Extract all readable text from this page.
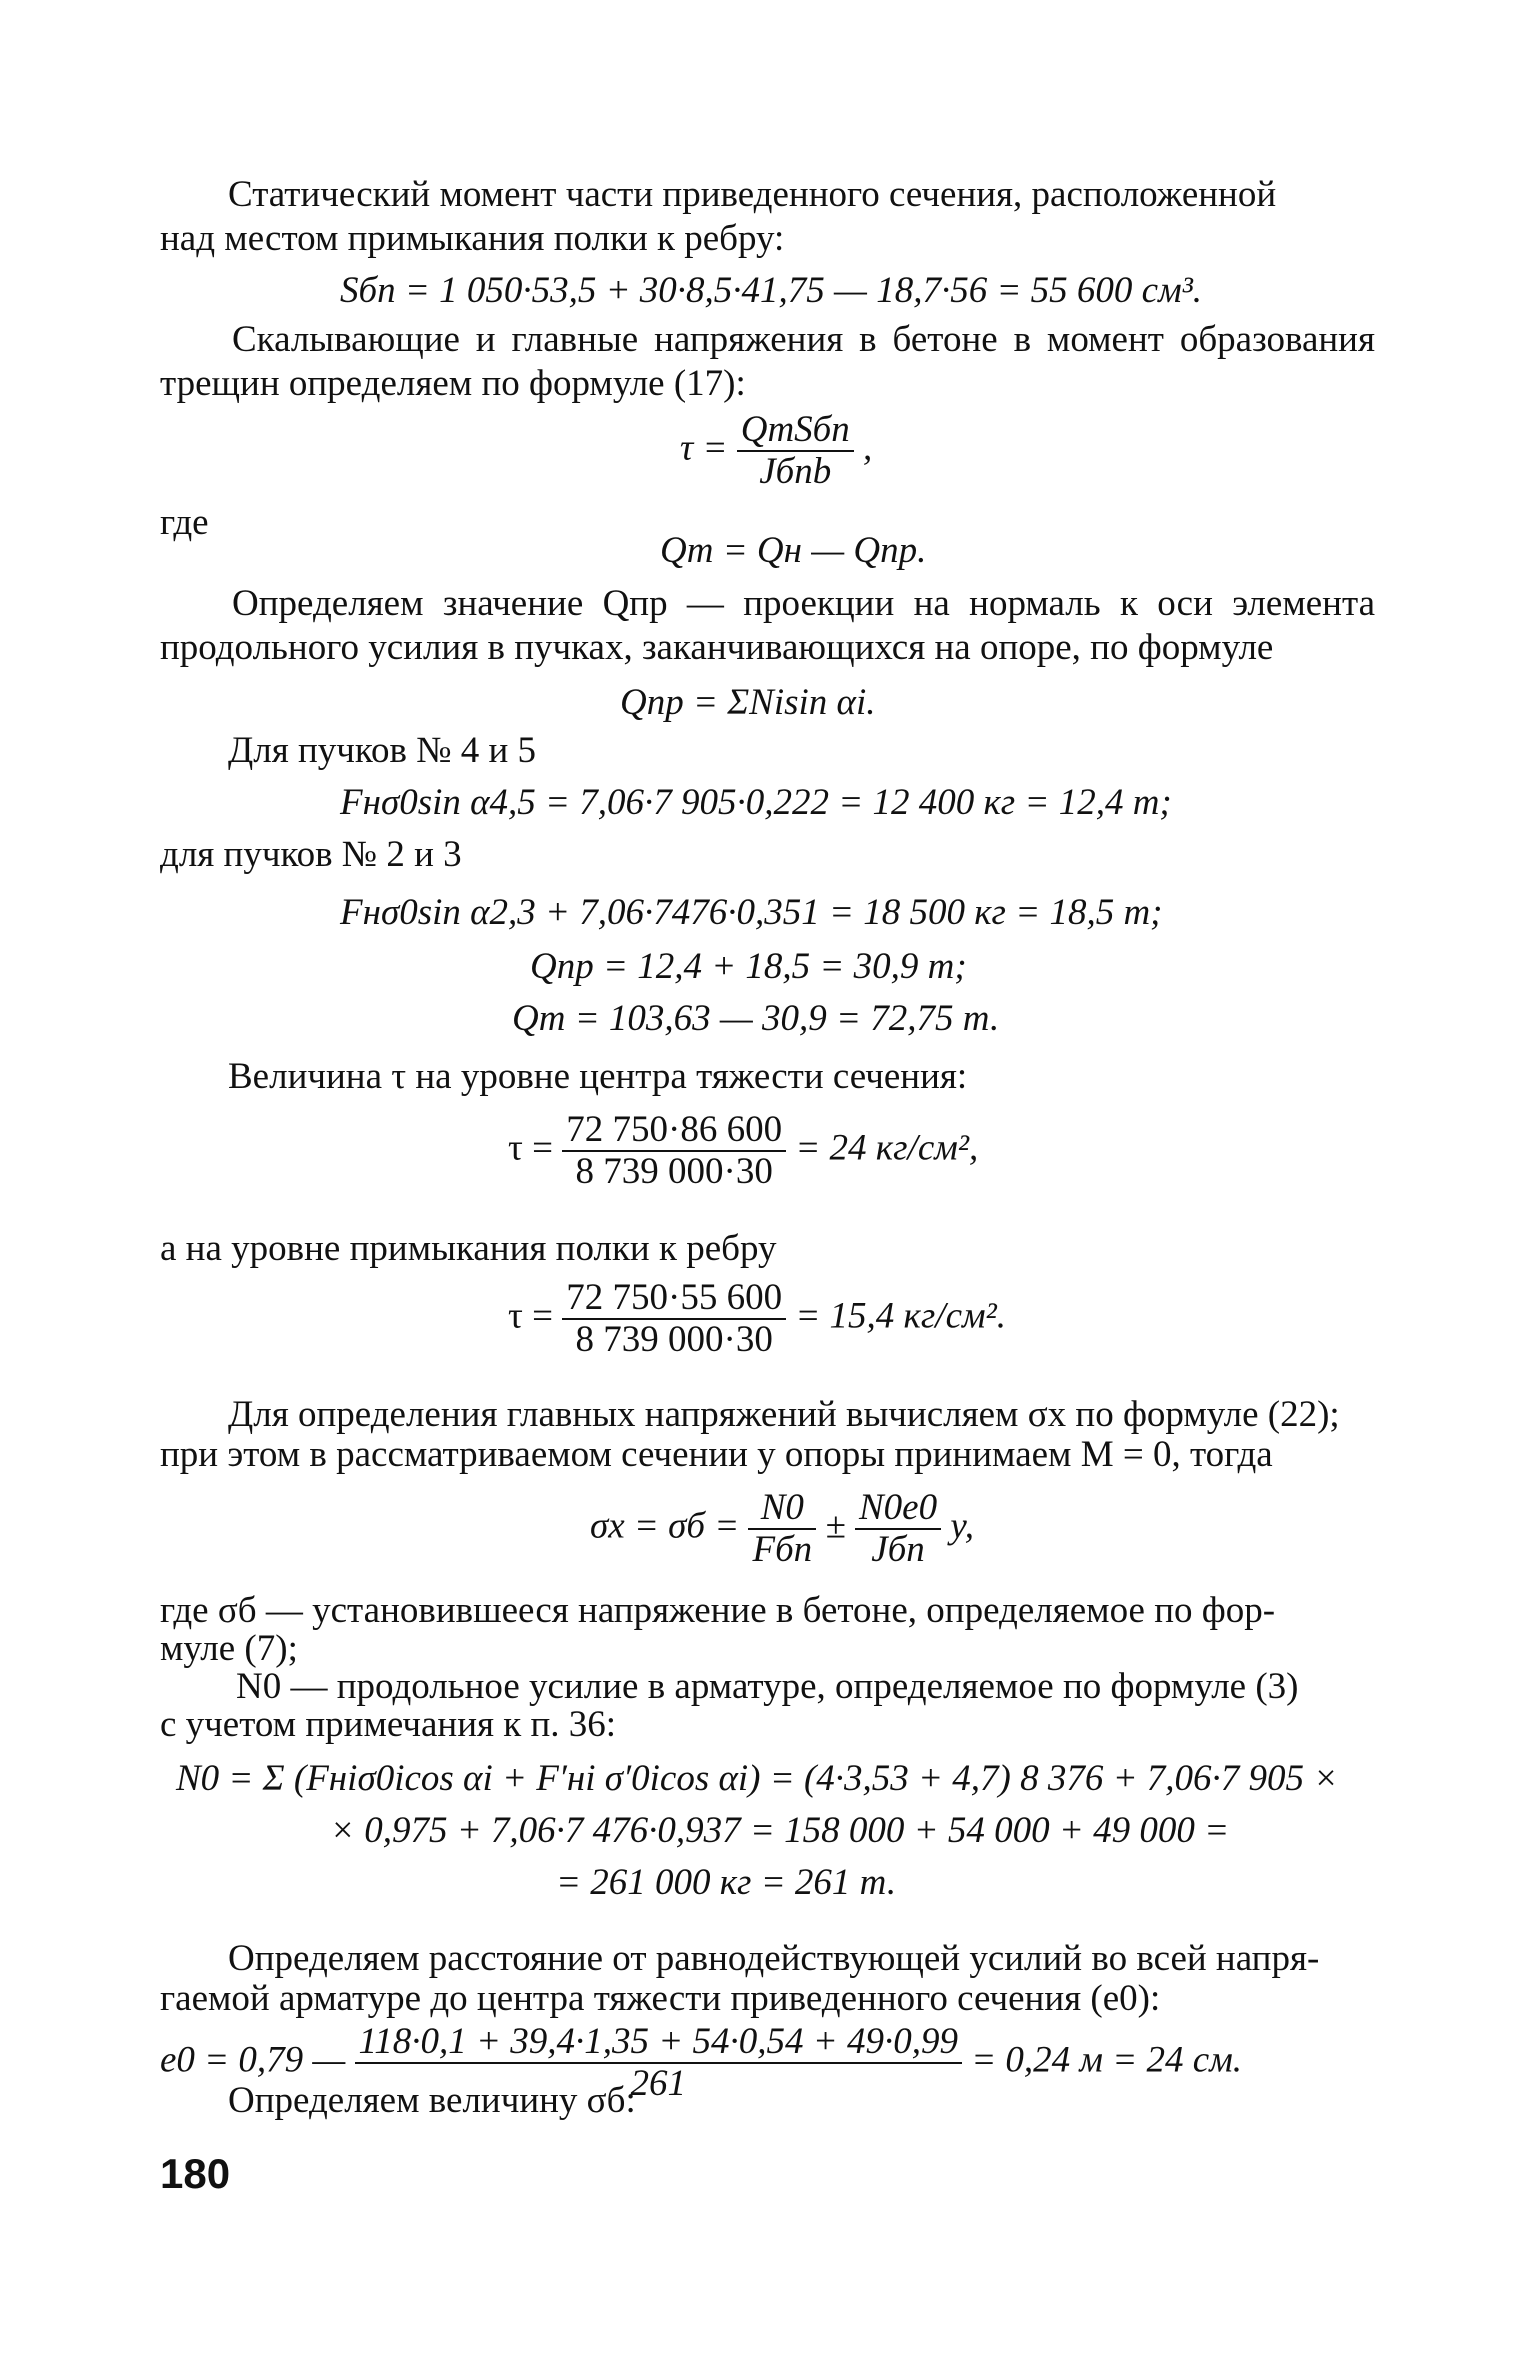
Статический момент части приведенного сечения, расположенной
над местом примыкания полки к ребру:
Sбп = 1 050·53,5 + 30·8,5·41,75 — 18,7·56 = 55 600 см³.
Скалывающие и главные напряжения в бетоне в момент образования трещин определяем по формуле (17):
$\tau = \frac{\text{QтSбп}}{\text{Jбпb}}$ ,
где
Qт = Qн — Qпр.
Определяем значение Qпр — проекции на нормаль к оси элемента продольного усилия в пучках, заканчивающихся на опоре, по формуле
Qпр = ΣNisin αi.
Для пучков № 4 и 5
Fнσ0sin α4,5 = 7,06·7 905·0,222 = 12 400 кг = 12,4 т;
для пучков № 2 и 3
Fнσ0sin α2,3 + 7,06·7476·0,351 = 18 500 кг = 18,5 т;
Qпр = 12,4 + 18,5 = 30,9 т;
Qт = 103,63 — 30,9 = 72,75 т.
Величина τ на уровне центра тяжести сечения:
$\tau = \frac{72 750\cdot 86 600}{8 739 000\cdot 30} = 24$ кг/см²,
а на уровне примыкания полки к ребру
$\tau = \frac{72 750\cdot 55 600}{8 739 000\cdot 30} = 15,4$ кг/см².
Для определения главных напряжений вычисляем σx по формуле (22);
при этом в рассматриваемом сечении у опоры принимаем M = 0, тогда
$\sigma x = \sigma б = \frac{N0}{\text{Fбп}} \pm \frac{N0e0}{\text{Jбп}} y$,
где σб — установившееся напряжение в бетоне, определяемое по фор-
муле (7);
N0 — продольное усилие в арматуре, определяемое по формуле (3)
с учетом примечания к п. 36:
N0 = Σ (Fнiσ0icos αi + F′нi σ′0icos αi) = (4·3,53 + 4,7) 8 376 + 7,06·7 905 ×
× 0,975 + 7,06·7 476·0,937 = 158 000 + 54 000 + 49 000 =
= 261 000 кг = 261 т.
Определяем расстояние от равнодействующей усилий во всей напря-
гаемой арматуре до центра тяжести приведенного сечения (e0):
e0 = 0,79 — $\frac{118\cdot 0,1 + 39,4\cdot 1,35 + 54\cdot 0,54 + 49\cdot 0,99}{261} = 0,24$ м = 24 см.
Определяем величину σб:
180
